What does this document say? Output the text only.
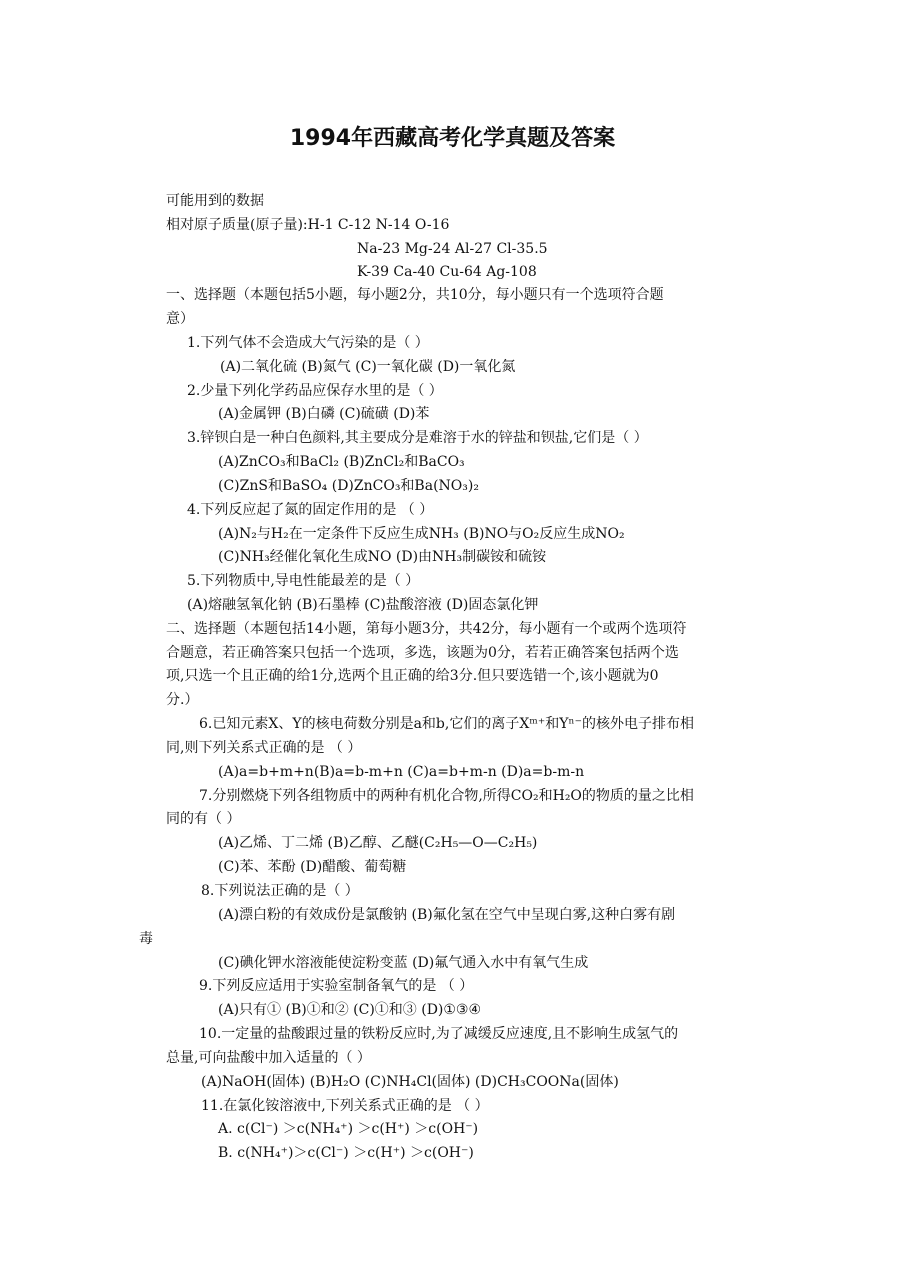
1994年西藏高考化学真题及答案
可能用到的数据
相对原子质量(原子量):H-1 C-12 N-14 O-16
Na-23 Mg-24 Al-27 Cl-35.5
K-39 Ca-40 Cu-64 Ag-108
一、选择题（本题包括5小题，每小题2分，共10分，每小题只有一个选项符合题
意）
1.下列气体不会造成大气污染的是（ ）
(A)二氧化硫 (B)氮气 (C)一氧化碳 (D)一氧化氮
2.少量下列化学药品应保存水里的是（ ）
(A)金属钾 (B)白磷 (C)硫磺 (D)苯
3.锌钡白是一种白色颜料,其主要成分是难溶于水的锌盐和钡盐,它们是（ ）
(A)ZnCO₃和BaCl₂ (B)ZnCl₂和BaCO₃
(C)ZnS和BaSO₄ (D)ZnCO₃和Ba(NO₃)₂
4.下列反应起了氮的固定作用的是 （ ）
(A)N₂与H₂在一定条件下反应生成NH₃ (B)NO与O₂反应生成NO₂
(C)NH₃经催化氧化生成NO (D)由NH₃制碳铵和硫铵
5.下列物质中,导电性能最差的是（ ）
(A)熔融氢氧化钠 (B)石墨棒 (C)盐酸溶液 (D)固态氯化钾
二、选择题（本题包括14小题，第每小题3分，共42分，每小题有一个或两个选项符
合题意，若正确答案只包括一个选项，多选，该题为0分，若若正确答案包括两个选
项,只选一个且正确的给1分,选两个且正确的给3分.但只要选错一个,该小题就为0
分.）
6.已知元素X、Y的核电荷数分别是a和b,它们的离子Xᵐ⁺和Yⁿ⁻的核外电子排布相
同,则下列关系式正确的是 （ ）
(A)a=b+m+n(B)a=b-m+n (C)a=b+m-n (D)a=b-m-n
7.分别燃烧下列各组物质中的两种有机化合物,所得CO₂和H₂O的物质的量之比相
同的有（ ）
(A)乙烯、丁二烯 (B)乙醇、乙醚(C₂H₅—O—C₂H₅)
(C)苯、苯酚 (D)醋酸、葡萄糖
8.下列说法正确的是（ ）
(A)漂白粉的有效成份是氯酸钠 (B)氟化氢在空气中呈现白雾,这种白雾有剧
毒
(C)碘化钾水溶液能使淀粉变蓝 (D)氟气通入水中有氧气生成
9.下列反应适用于实验室制备氧气的是 （ ）
(A)只有① (B)①和② (C)①和③ (D)①③④
10.一定量的盐酸跟过量的铁粉反应时,为了减缓反应速度,且不影响生成氢气的
总量,可向盐酸中加入适量的（ ）
(A)NaOH(固体) (B)H₂O (C)NH₄Cl(固体) (D)CH₃COONa(固体)
11.在氯化铵溶液中,下列关系式正确的是 （ ）
A. c(Cl⁻) ＞c(NH₄⁺) ＞c(H⁺) ＞c(OH⁻)
B. c(NH₄⁺)＞c(Cl⁻) ＞c(H⁺) ＞c(OH⁻)
